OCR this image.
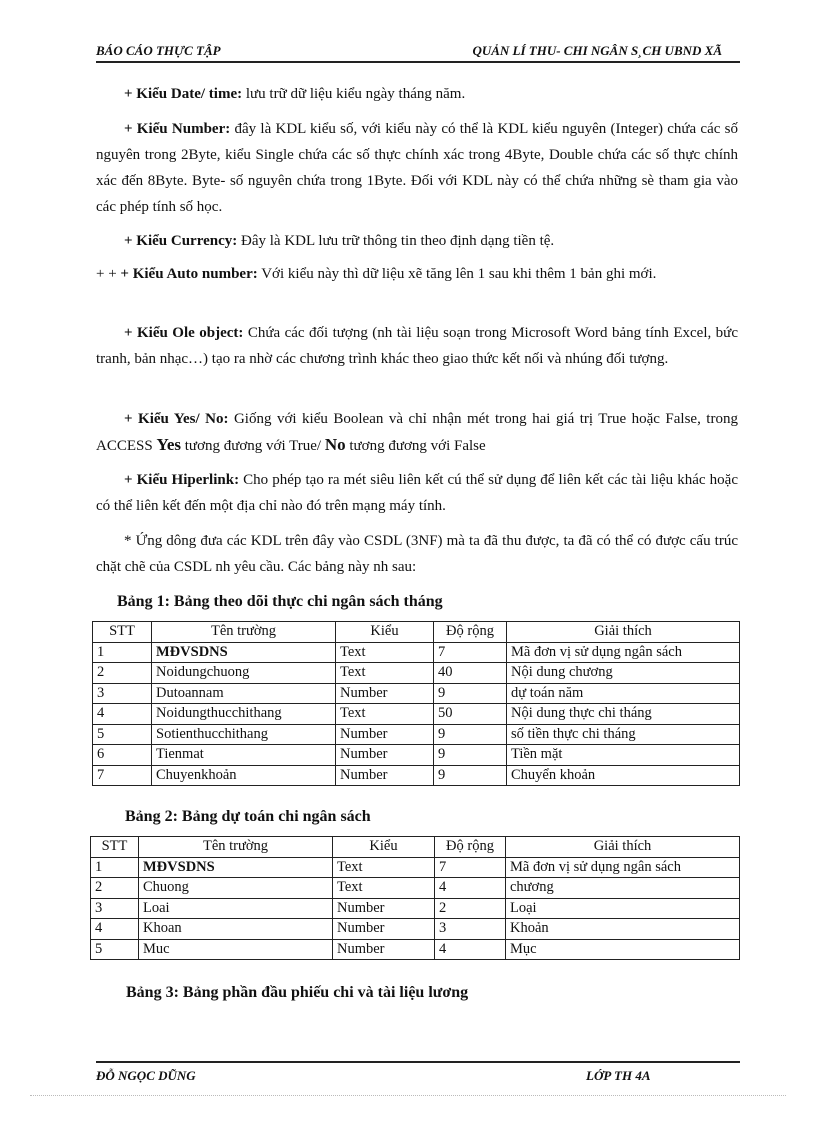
BÁO CÁO THỰC TẬP	QUẢN LÍ THU- CHI NGÂN S¸CH UBND XÃ

+ Kiểu Date/ time: lưu trữ dữ liệu kiểu ngày tháng năm.

+ Kiểu Number: đây là KDL kiểu số, với kiểu này có thể là KDL kiểu nguyên (Integer) chứa các số nguyên trong 2Byte, kiểu Single chứa các số thực chính xác trong 4Byte, Double chứa các số thực chính xác đến 8Byte. Byte- số nguyên chứa trong 1Byte. Đối với KDL này có thể chứa những sè tham gia vào các phép tính số học.

+ Kiểu Currency: Đây là KDL lưu trữ thông tin theo định dạng tiền tệ.

+ + + Kiểu Auto number: Với kiểu này thì dữ liệu xẽ tăng lên 1 sau khi thêm 1 bản ghi mới.

+ Kiểu Ole object: Chứa các đối tượng (nh tài liệu soạn trong Microsoft Word bảng tính Excel, bức tranh, bản nhạc…) tạo ra nhờ các chương trình khác theo giao thức kết nối và nhúng đối tượng.

+ Kiểu Yes/ No: Giống với kiểu Boolean và chỉ nhận mét trong hai giá trị True hoặc False, trong ACCESS Yes tương đương với True/ No tương đương với False

+ Kiểu Hiperlink: Cho phép tạo ra mét siêu liên kết cú thể sử dụng để liên kết các tài liệu khác hoặc có thể liên kết đến một địa chỉ nào đó trên mạng máy tính.

* Ứng dông đưa các KDL trên đây vào CSDL (3NF) mà ta đã thu được, ta đã có thể có được cấu trúc chặt chẽ của CSDL nh yêu cầu. Các bảng này nh sau:

Bảng 1: Bảng theo dõi thực chi ngân sách tháng

STT	Tên trường	Kiểu	Độ rộng	Giải thích
1	MĐVSDNS	Text	7	Mã đơn vị sử dụng ngân sách
2	Noidungchuong	Text	40	Nội dung chương
3	Dutoannam	Number	9	dự toán năm
4	Noidungthucchithang	Text	50	Nội dung thực chi tháng
5	Sotienthucchithang	Number	9	số tiền thực chi tháng
6	Tienmat	Number	9	Tiền mặt
7	Chuyenkhoản	Number	9	Chuyển khoản

Bảng 2: Bảng dự toán chi ngân sách

STT	Tên trường	Kiểu	Độ rộng	Giải thích
1	MĐVSDNS	Text	7	Mã đơn vị sử dụng ngân sách
2	Chuong	Text	4	chương
3	Loai	Number	2	Loại
4	Khoan	Number	3	Khoản
5	Muc	Number	4	Mục

Bảng 3: Bảng phần đầu phiếu chi và tài liệu lương

ĐỖ NGỌC DŨNG	LỚP TH 4A
